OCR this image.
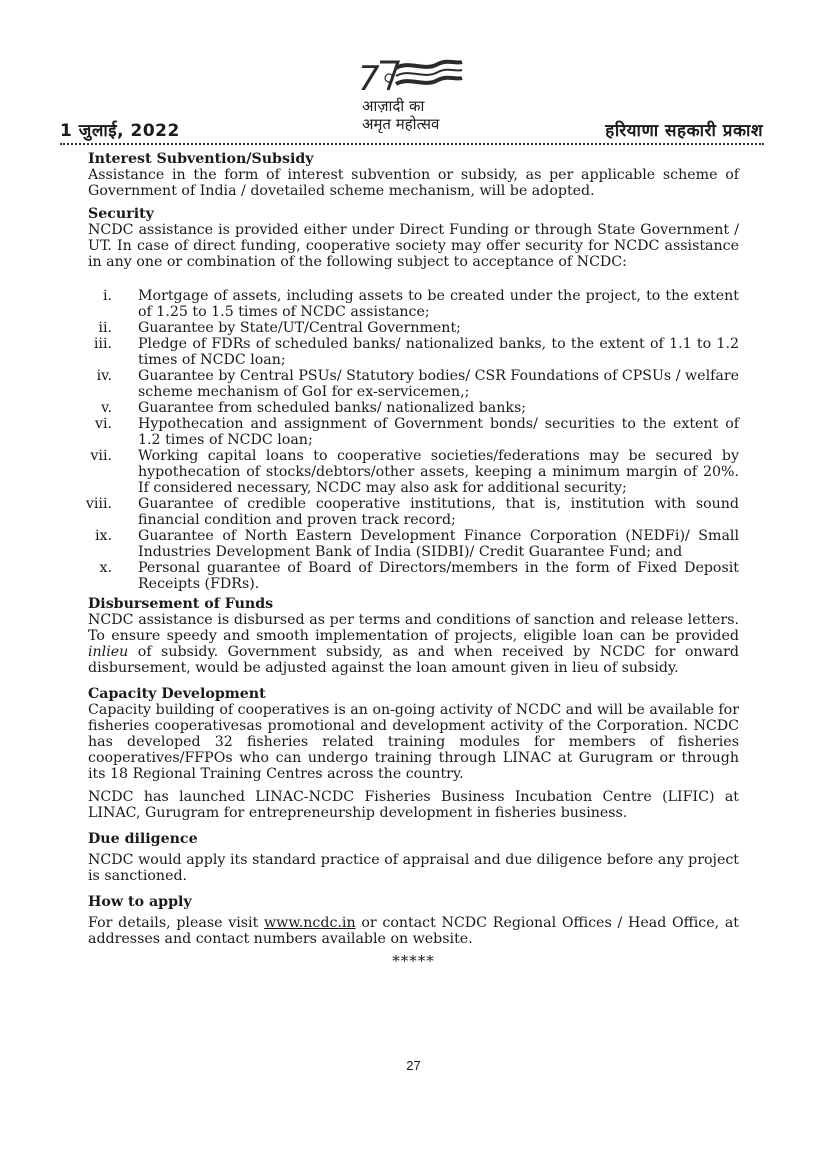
1 जुलाई, 2022
7
आज़ादी का
अमृत महोत्सव	हरियाणा सहकारी प्रकाश
Interest Subvention/Subsidy

Assistance in the form of interest subvention or subsidy, as per applicable scheme of Government of India / dovetailed scheme mechanism, will be adopted.

Security

NCDC assistance is provided either under Direct Funding or through State Government / UT. In case of direct funding, cooperative society may offer security for NCDC assistance in any one or combination of the following subject to acceptance of NCDC:

i. Mortgage of assets, including assets to be created under the project, to the extent of 1.25 to 1.5 times of NCDC assistance;
ii. Guarantee by State/UT/Central Government;
iii. Pledge of FDRs of scheduled banks/ nationalized banks, to the extent of 1.1 to 1.2 times of NCDC loan;
iv. Guarantee by Central PSUs/ Statutory bodies/ CSR Foundations of CPSUs / welfare scheme mechanism of GoI for ex-servicemen,;
v. Guarantee from scheduled banks/ nationalized banks;
vi. Hypothecation and assignment of Government bonds/ securities to the extent of 1.2 times of NCDC loan;
vii. Working capital loans to cooperative societies/federations may be secured by hypothecation of stocks/debtors/other assets, keeping a minimum margin of 20%. If considered necessary, NCDC may also ask for additional security;
viii. Guarantee of credible cooperative institutions, that is, institution with sound financial condition and proven track record;
ix. Guarantee of North Eastern Development Finance Corporation (NEDFi)/ Small Industries Development Bank of India (SIDBI)/ Credit Guarantee Fund; and
x. Personal guarantee of Board of Directors/members in the form of Fixed Deposit Receipts (FDRs).
Disbursement of Funds

NCDC assistance is disbursed as per terms and conditions of sanction and release letters. To ensure speedy and smooth implementation of projects, eligible loan can be provided inlieu of subsidy. Government subsidy, as and when received by NCDC for onward disbursement, would be adjusted against the loan amount given in lieu of subsidy.

Capacity Development

Capacity building of cooperatives is an on-going activity of NCDC and will be available for fisheries cooperativesas promotional and development activity of the Corporation. NCDC has developed 32 fisheries related training modules for members of fisheries cooperatives/FFPOs who can undergo training through LINAC at Gurugram or through its 18 Regional Training Centres across the country.

NCDC has launched LINAC-NCDC Fisheries Business Incubation Centre (LIFIC) at LINAC, Gurugram for entrepreneurship development in fisheries business.

Due diligence

NCDC would apply its standard practice of appraisal and due diligence before any project is sanctioned.

How to apply

For details, please visit www.ncdc.in or contact NCDC Regional Offices / Head Office, at addresses and contact numbers available on website.

*****
27
